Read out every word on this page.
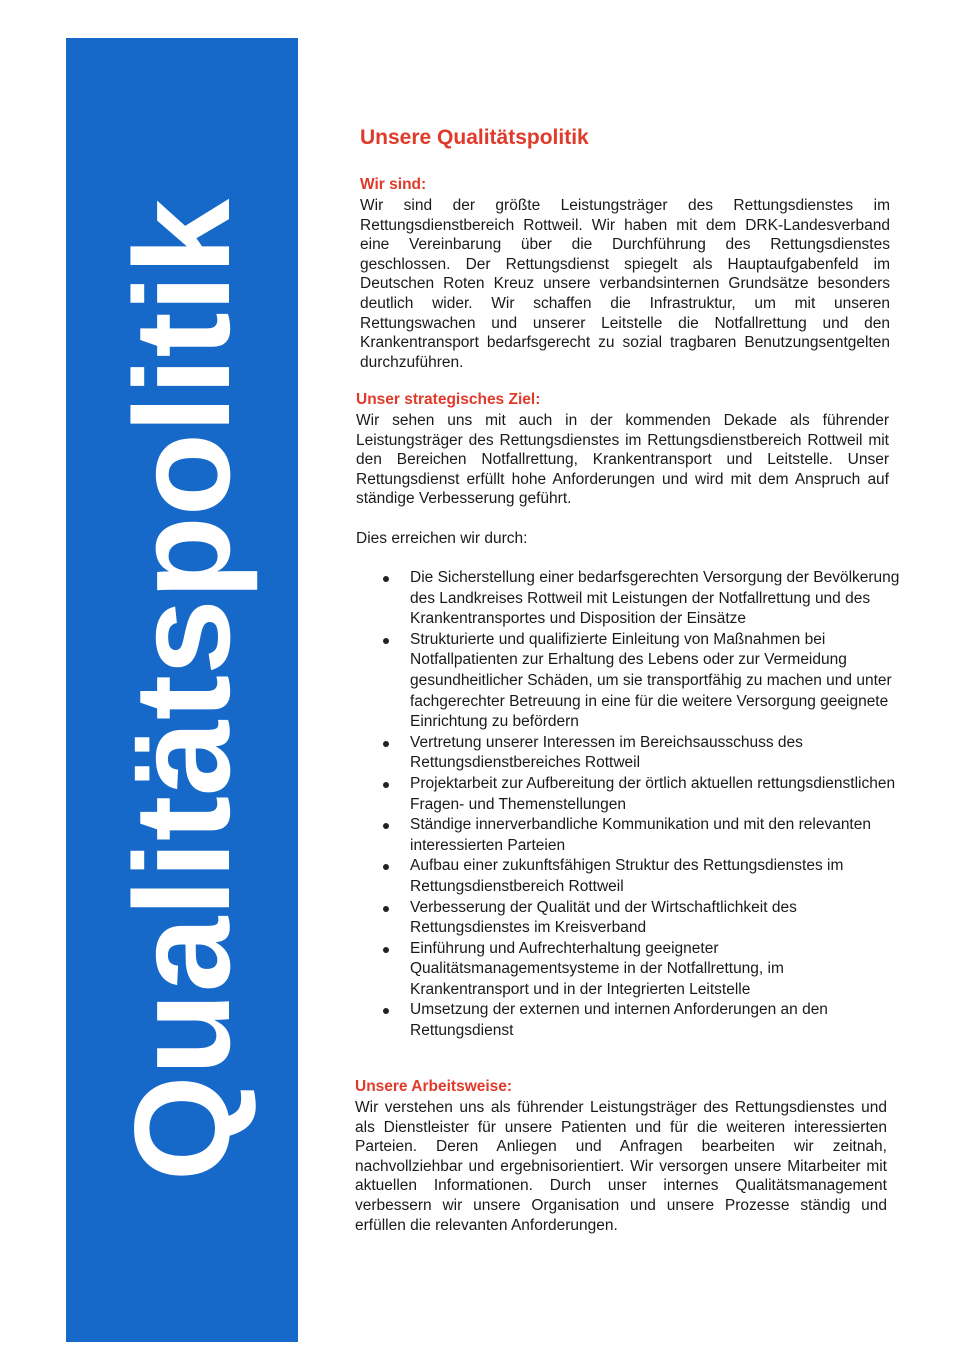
Qualitätspolitik
Unsere Qualitätspolitik
Wir sind:

Wir sind der größte Leistungsträger des Rettungsdienstes im Rettungsdienstbereich Rottweil. Wir haben mit dem DRK-Landesverband eine Vereinbarung über die Durchführung des Rettungsdienstes geschlossen. Der Rettungsdienst spiegelt als Hauptaufgabenfeld im Deutschen Roten Kreuz unsere verbandsinternen Grundsätze besonders deutlich wider. Wir schaffen die Infrastruktur, um mit unseren Rettungswachen und unserer Leitstelle die Notfallrettung und den Krankentransport bedarfsgerecht zu sozial tragbaren Benutzungsentgelten durchzuführen.

Unser strategisches Ziel:

Wir sehen uns mit auch in der kommenden Dekade als führender Leistungsträger des Rettungsdienstes im Rettungsdienstbereich Rottweil mit den Bereichen Notfallrettung, Krankentransport und Leitstelle. Unser Rettungsdienst erfüllt hohe Anforderungen und wird mit dem Anspruch auf ständige Verbesserung geführt.

Dies erreichen wir durch:

Die Sicherstellung einer bedarfsgerechten Versorgung der Bevölkerung des Landkreises Rottweil mit Leistungen der Notfallrettung und des Krankentransportes und Disposition der Einsätze
Strukturierte und qualifizierte Einleitung von Maßnahmen bei Notfallpatienten zur Erhaltung des Lebens oder zur Vermeidung gesundheitlicher Schäden, um sie transportfähig zu machen und unter fachgerechter Betreuung in eine für die weitere Versorgung geeignete Einrichtung zu befördern
Vertretung unserer Interessen im Bereichsausschuss des Rettungsdienstbereiches Rottweil
Projektarbeit zur Aufbereitung der örtlich aktuellen rettungsdienstlichen Fragen- und Themenstellungen
Ständige innerverbandliche Kommunikation und mit den relevanten interessierten Parteien
Aufbau einer zukunftsfähigen Struktur des Rettungsdienstes im Rettungsdienstbereich Rottweil
Verbesserung der Qualität und der Wirtschaftlichkeit des Rettungsdienstes im Kreisverband
Einführung und Aufrechterhaltung geeigneter Qualitätsmanagementsysteme in der Notfallrettung, im Krankentransport und in der Integrierten Leitstelle
Umsetzung der externen und internen Anforderungen an den Rettungsdienst
Unsere Arbeitsweise:

Wir verstehen uns als führender Leistungsträger des Rettungsdienstes und als Dienstleister für unsere Patienten und für die weiteren interessierten Parteien. Deren Anliegen und Anfragen bearbeiten wir zeitnah, nachvollziehbar und ergebnisorientiert. Wir versorgen unsere Mitarbeiter mit aktuellen Informationen. Durch unser internes Qualitätsmanagement verbessern wir unsere Organisation und unsere Prozesse ständig und erfüllen die relevanten Anforderungen.
